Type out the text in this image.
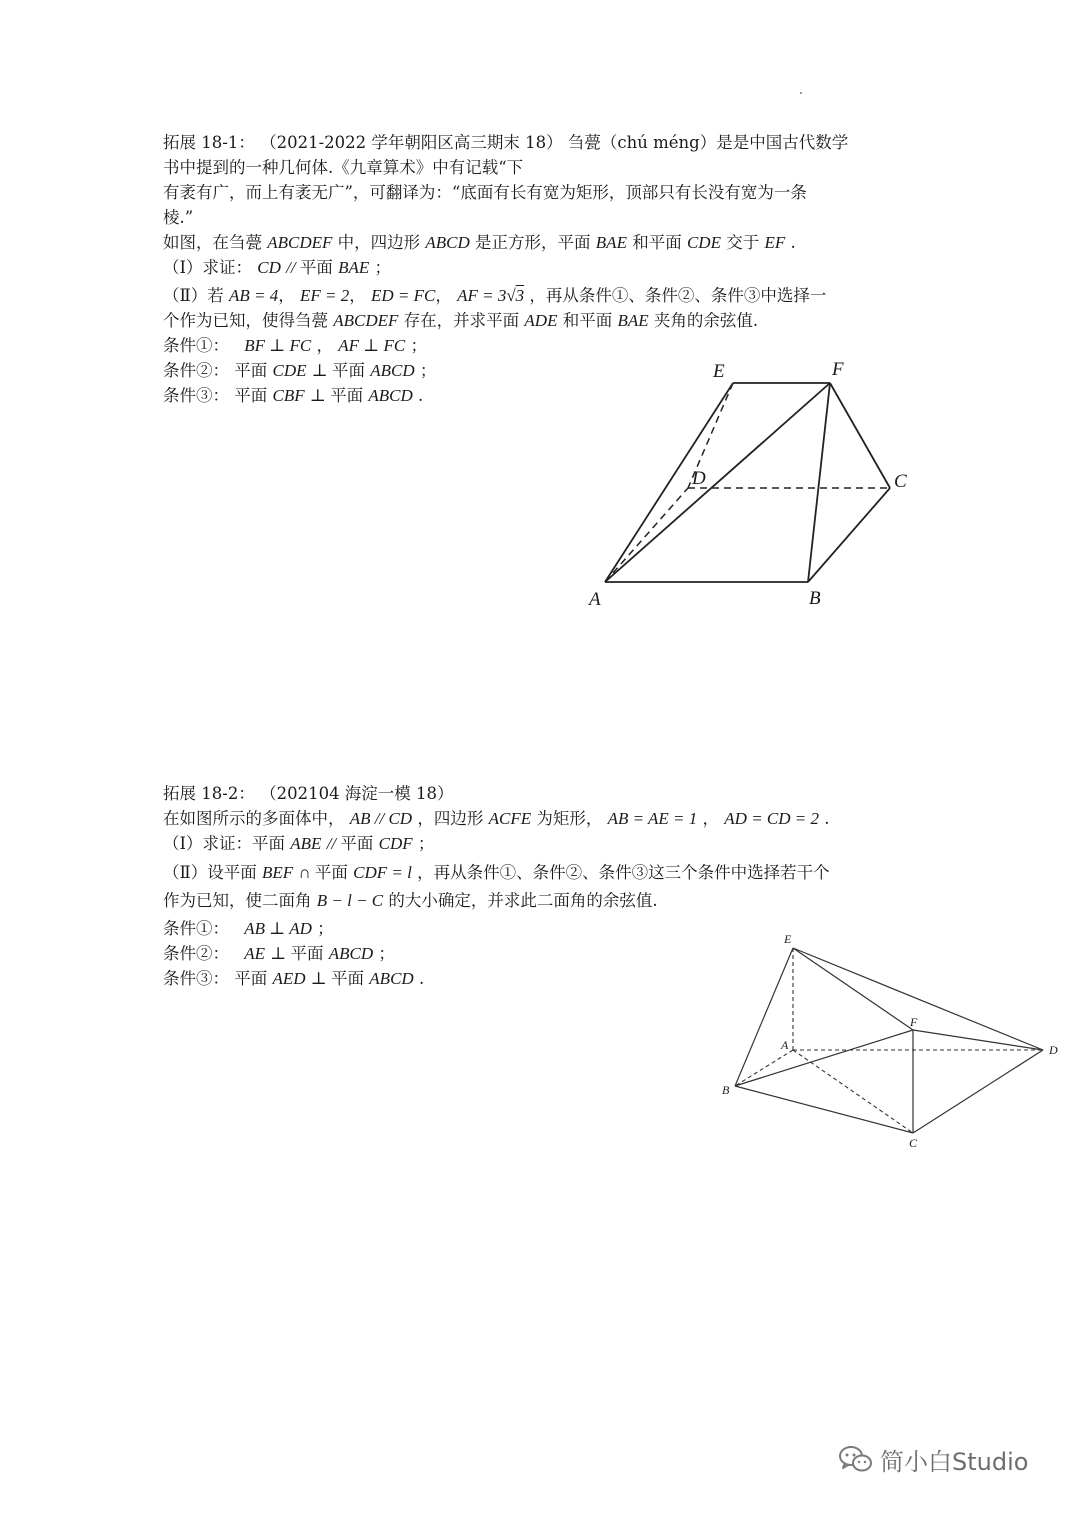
拓展 18-1： （2021-2022 学年朝阳区高三期末 18） 刍甍（chú méng）是是中国古代数学
书中提到的一种几何体.《九章算术》中有记载“下
有袤有广，而上有袤无广”，可翻译为：“底面有长有宽为矩形，顶部只有长没有宽为一条
棱.”
如图，在刍甍 ABCDEF 中，四边形 ABCD 是正方形，平面 BAE 和平面 CDE 交于 EF .
（Ⅰ）求证： CD // 平面 BAE ；
（Ⅱ）若 AB = 4， EF = 2， ED = FC， AF = 3√3 ，再从条件①、条件②、条件③中选择一
个作为已知，使得刍甍 ABCDEF 存在，并求平面 ADE 和平面 BAE 夹角的余弦值.
条件①： BF ⊥ FC ， AF ⊥ FC ；
条件②： 平面 CDE ⊥ 平面 ABCD ；
条件③： 平面 CBF ⊥ 平面 ABCD .
E	F
D	C
A	B
拓展 18-2： （202104 海淀一模 18）
在如图所示的多面体中， AB // CD ，四边形 ACFE 为矩形， AB = AE = 1 ， AD = CD = 2 .
（Ⅰ）求证：平面 ABE // 平面 CDF ；
（Ⅱ）设平面 BEF ∩ 平面 CDF = l ，再从条件①、条件②、条件③这三个条件中选择若干个
作为已知，使二面角 B − l − C 的大小确定，并求此二面角的余弦值.
条件①： AB ⊥ AD ；
条件②： AE ⊥ 平面 ABCD ；
条件③： 平面 AED ⊥ 平面 ABCD .
E
F
A	D
B
C
简小白Studio
